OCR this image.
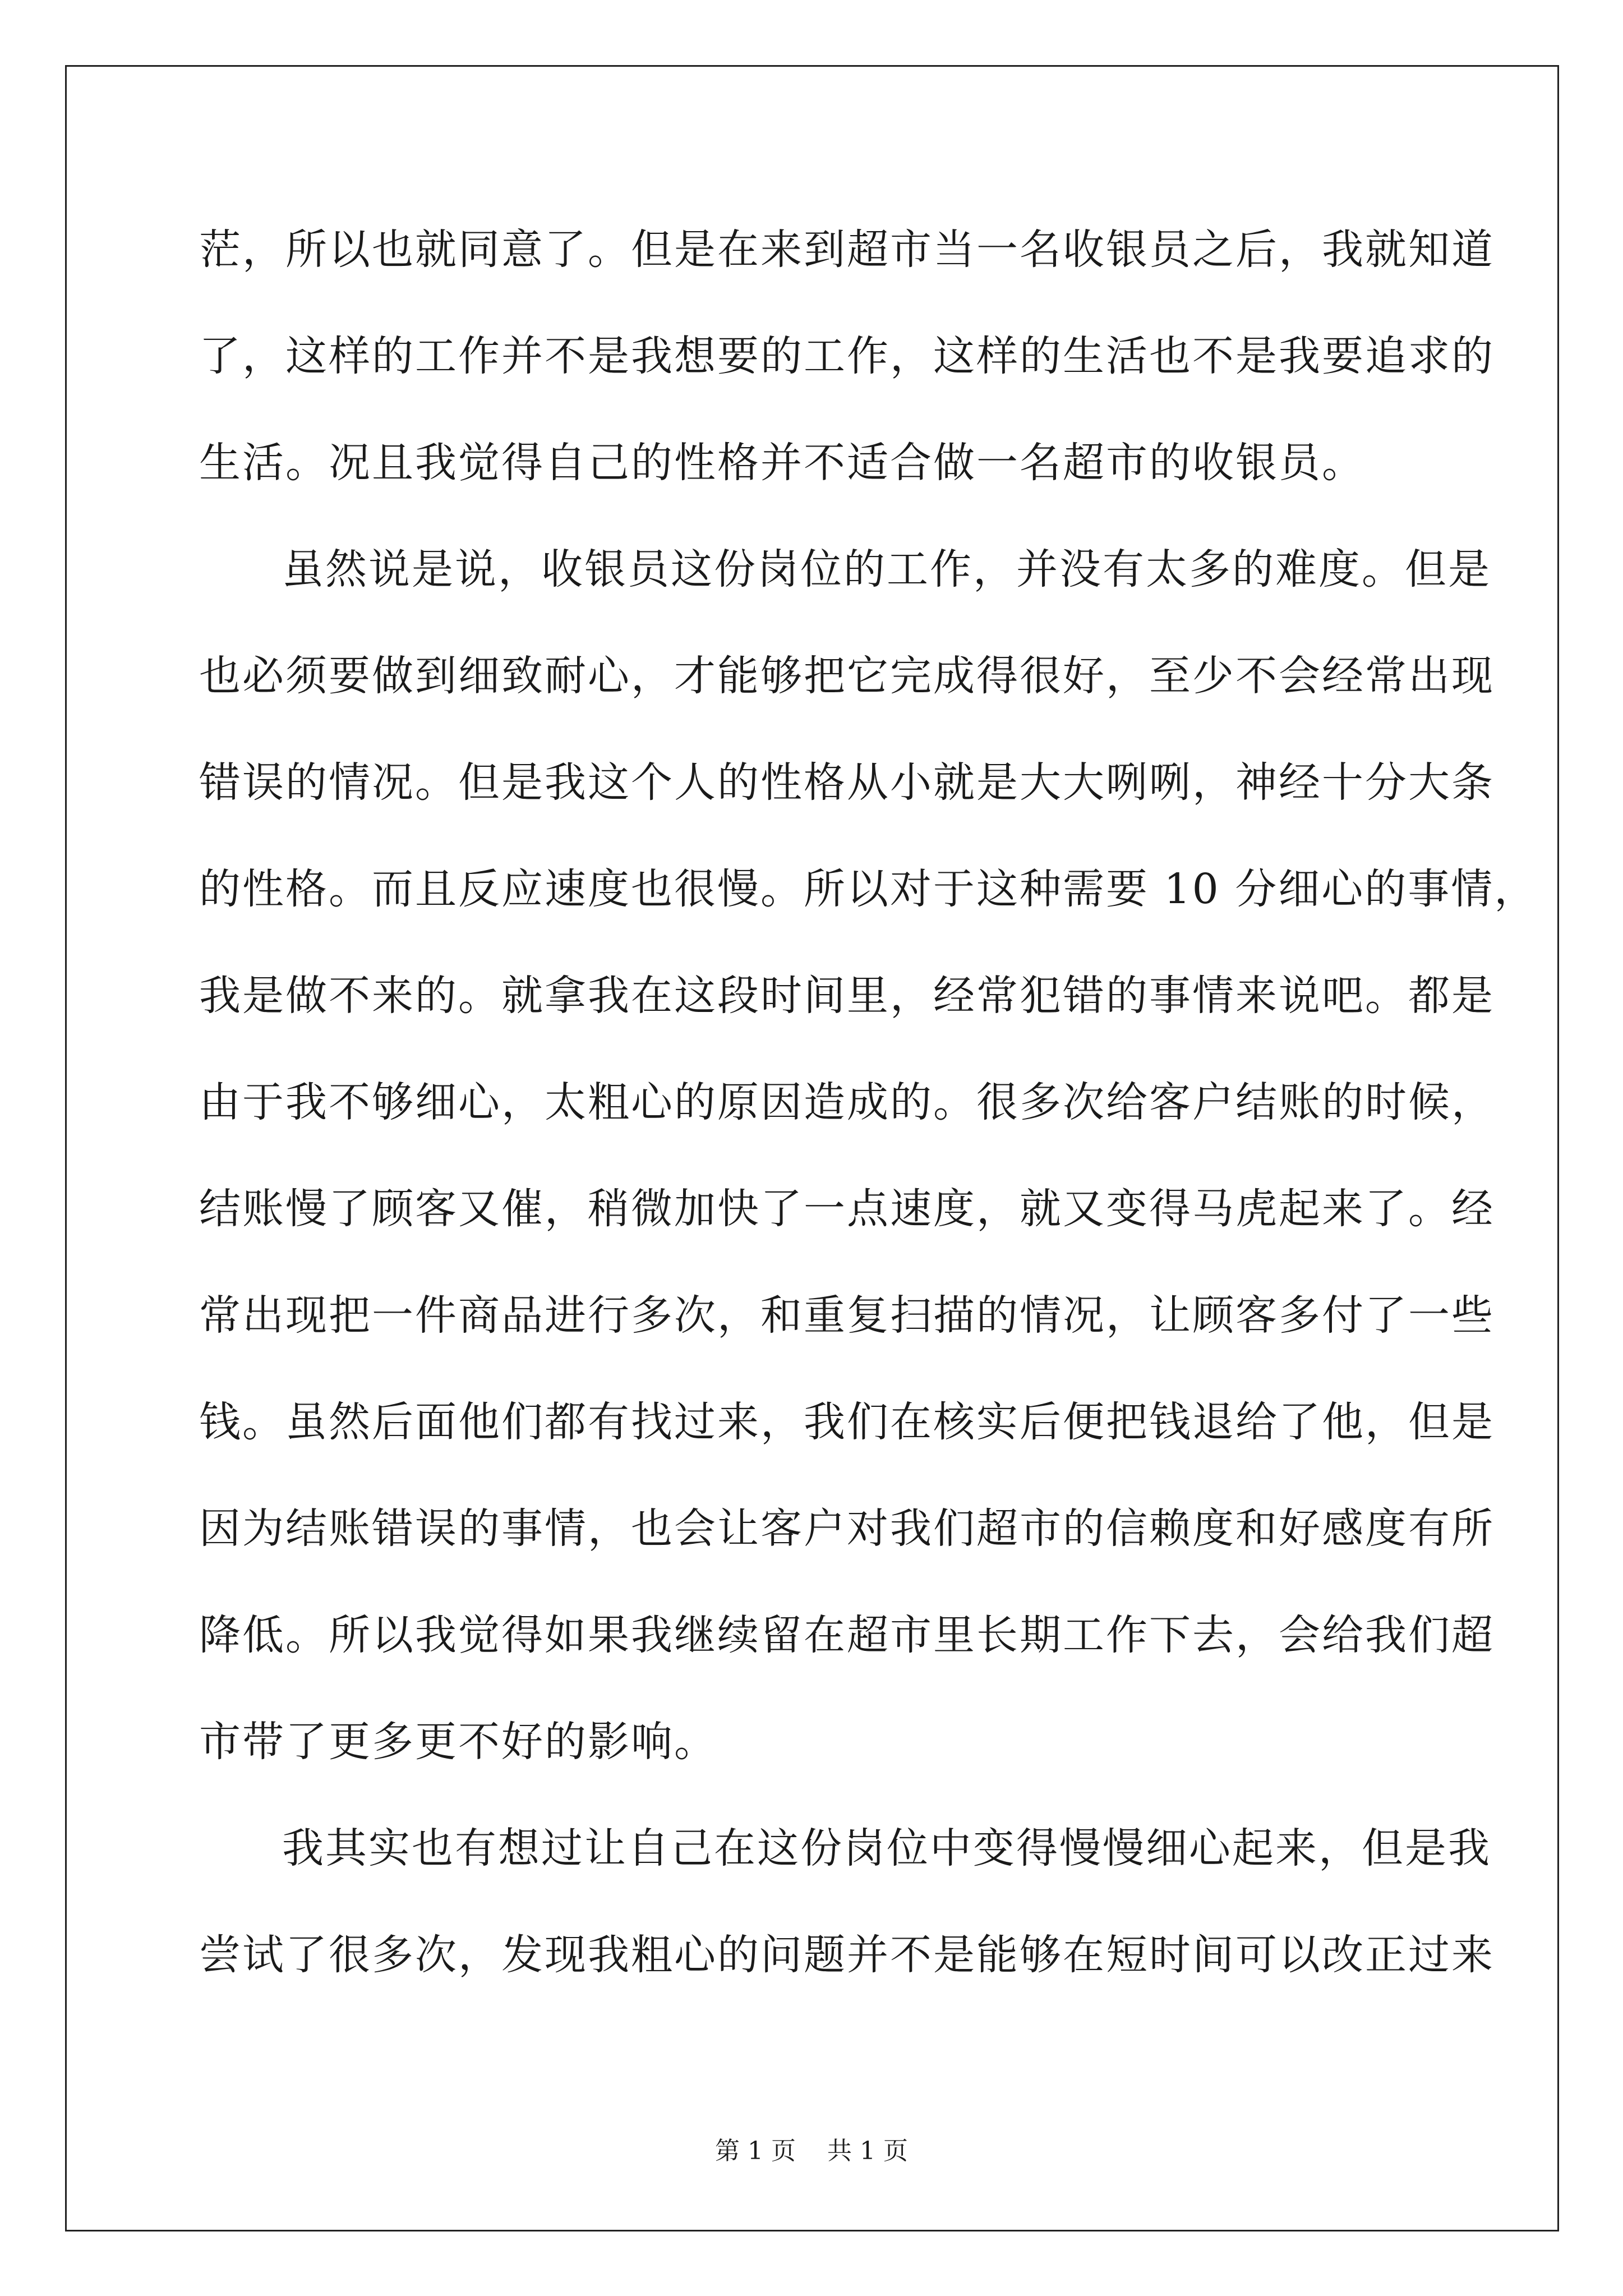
茫，所以也就同意了。但是在来到超市当一名收银员之后，我就知道
了，这样的工作并不是我想要的工作，这样的生活也不是我要追求的
生活。况且我觉得自己的性格并不适合做一名超市的收银员。

虽然说是说，收银员这份岗位的工作，并没有太多的难度。但是
也必须要做到细致耐心，才能够把它完成得很好，至少不会经常出现
错误的情况。但是我这个人的性格从小就是大大咧咧，神经十分大条
的性格。而且反应速度也很慢。所以对于这种需要 10 分细心的事情，
我是做不来的。就拿我在这段时间里，经常犯错的事情来说吧。都是
由于我不够细心，太粗心的原因造成的。很多次给客户结账的时候，
结账慢了顾客又催，稍微加快了一点速度，就又变得马虎起来了。经
常出现把一件商品进行多次，和重复扫描的情况，让顾客多付了一些
钱。虽然后面他们都有找过来，我们在核实后便把钱退给了他，但是
因为结账错误的事情，也会让客户对我们超市的信赖度和好感度有所
降低。所以我觉得如果我继续留在超市里长期工作下去，会给我们超
市带了更多更不好的影响。

我其实也有想过让自己在这份岗位中变得慢慢细心起来，但是我
尝试了很多次，发现我粗心的问题并不是能够在短时间可以改正过来

第 1 页 共 1 页
